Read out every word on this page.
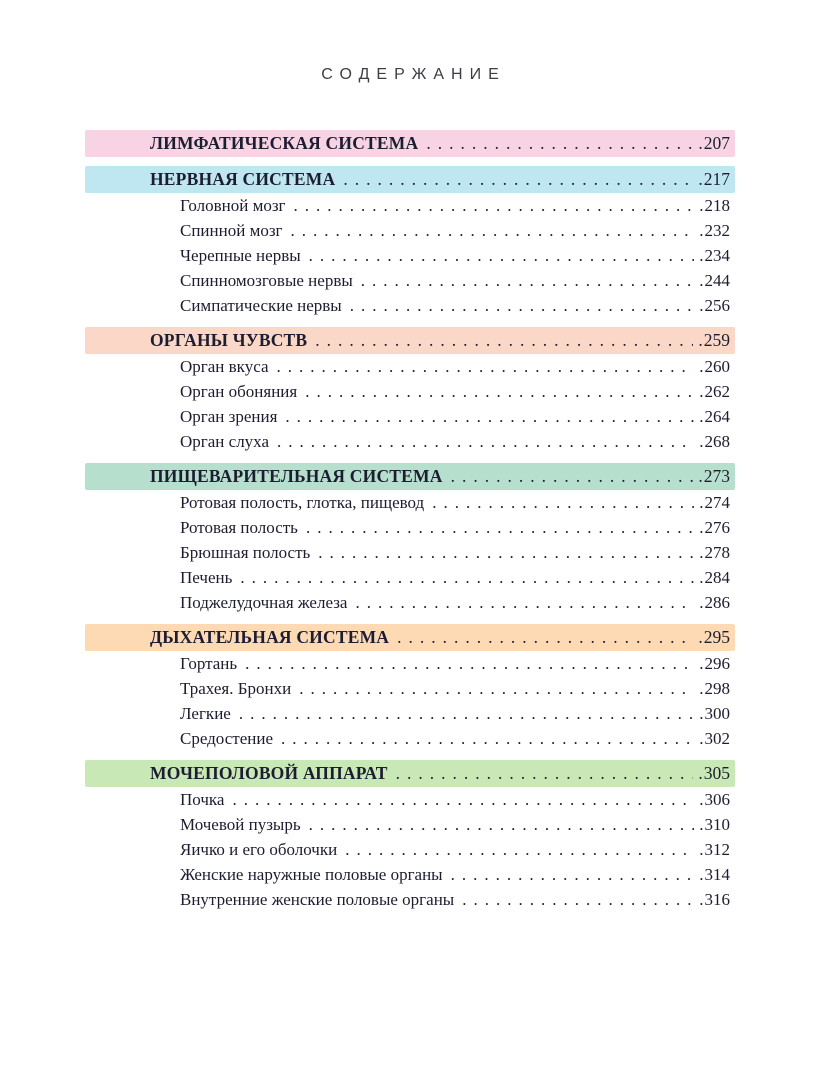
СОДЕРЖАНИЕ
ЛИМФАТИЧЕСКАЯ СИСТЕМА .....	. 207
НЕРВНАЯ СИСТЕМА .....	. 217
Головной мозг .....	. 218
Спинной мозг .....	. 232
Черепные нервы .....	. 234
Спинномозговые нервы .....	. 244
Симпатические нервы .....	. 256
ОРГАНЫ ЧУВСТВ .....	. 259
Орган вкуса .....	. 260
Орган обоняния .....	. 262
Орган зрения .....	. 264
Орган слуха .....	. 268
ПИЩЕВАРИТЕЛЬНАЯ СИСТЕМА .....	. 273
Ротовая полость, глотка, пищевод .....	. 274
Ротовая полость .....	. 276
Брюшная полость .....	. 278
Печень .....	. 284
Поджелудочная железа .....	. 286
ДЫХАТЕЛЬНАЯ СИСТЕМА .....	. 295
Гортань .....	. 296
Трахея. Бронхи .....	. 298
Легкие .....	. 300
Средостение .....	. 302
МОЧЕПОЛОВОЙ АППАРАТ .....	. 305
Почка .....	. 306
Мочевой пузырь .....	. 310
Яичко и его оболочки .....	. 312
Женские наружные половые органы .....	. 314
Внутренние женские половые органы .....	. 316
